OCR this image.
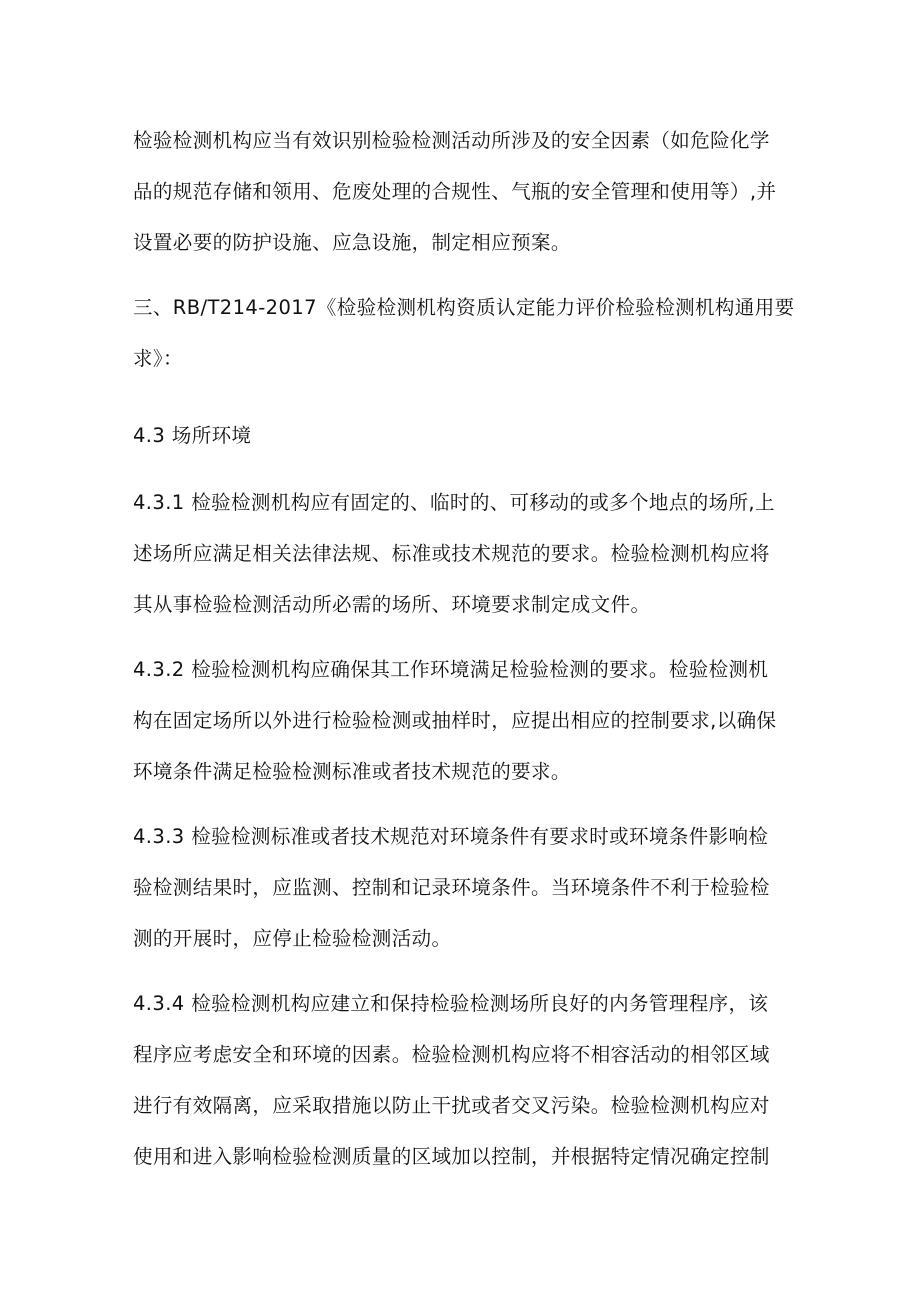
检验检测机构应当有效识别检验检测活动所涉及的安全因素（如危险化学
品的规范存储和领用、危废处理的合规性、气瓶的安全管理和使用等）,并
设置必要的防护设施、应急设施，制定相应预案。
三、RB/T214-2017《检验检测机构资质认定能力评价检验检测机构通用要
求》：
4.3 场所环境
4.3.1 检验检测机构应有固定的、临时的、可移动的或多个地点的场所,上
述场所应满足相关法律法规、标准或技术规范的要求。检验检测机构应将
其从事检验检测活动所必需的场所、环境要求制定成文件。
4.3.2 检验检测机构应确保其工作环境满足检验检测的要求。检验检测机
构在固定场所以外进行检验检测或抽样时，应提出相应的控制要求,以确保
环境条件满足检验检测标准或者技术规范的要求。
4.3.3 检验检测标准或者技术规范对环境条件有要求时或环境条件影响检
验检测结果时，应监测、控制和记录环境条件。当环境条件不利于检验检
测的开展时，应停止检验检测活动。
4.3.4 检验检测机构应建立和保持检验检测场所良好的内务管理程序，该
程序应考虑安全和环境的因素。检验检测机构应将不相容活动的相邻区域
进行有效隔离，应采取措施以防止干扰或者交叉污染。检验检测机构应对
使用和进入影响检验检测质量的区域加以控制，并根据特定情况确定控制
